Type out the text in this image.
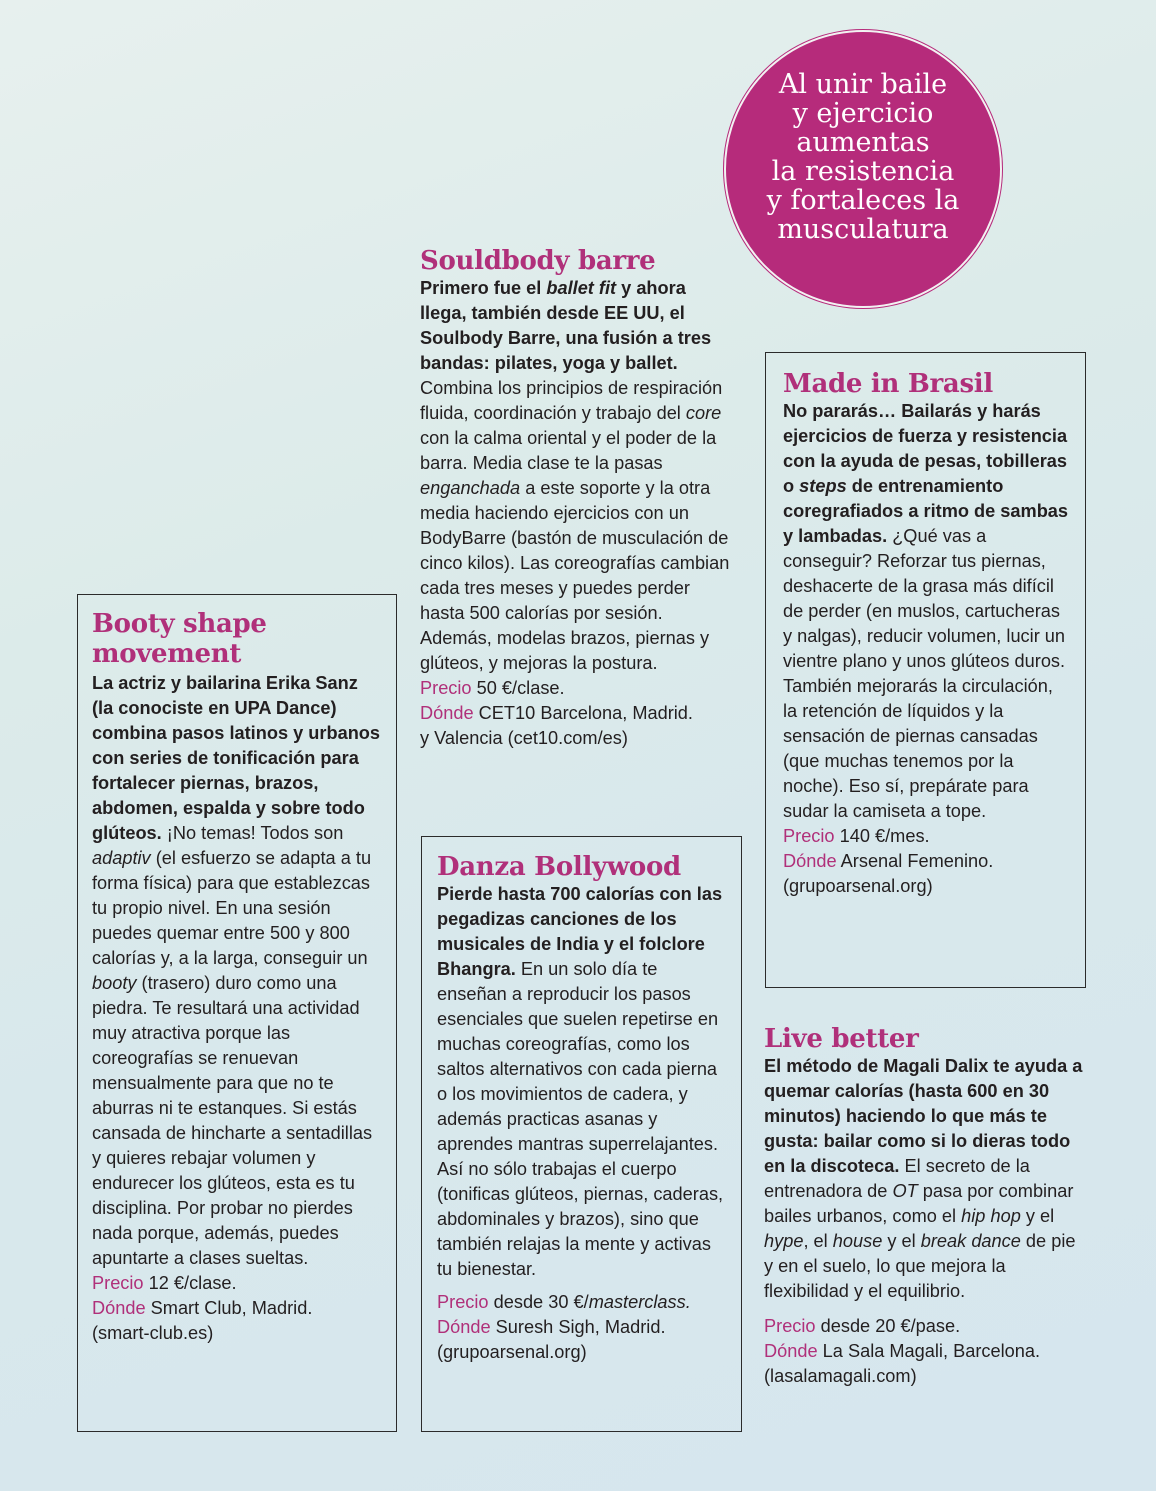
Al unir baile
y ejercicio
aumentas
la resistencia
y fortaleces la
musculatura
Souldbody barre
Primero fue el ballet fit y ahora llega, también desde EE UU, el Soulbody Barre, una fusión a tres bandas: pilates, yoga y ballet. Combina los principios de respiración fluida, coordinación y trabajo del core con la calma oriental y el poder de la barra. Media clase te la pasas enganchada a este soporte y la otra media haciendo ejercicios con un BodyBarre (bastón de musculación de cinco kilos). Las coreografías cambian cada tres meses y puedes perder hasta 500 calorías por sesión. Además, modelas brazos, piernas y glúteos, y mejoras la postura.
Precio 50 €/clase.
Dónde CET10 Barcelona, Madrid.
y Valencia (cet10.com/es)
Booty shape movement
La actriz y bailarina Erika Sanz (la conociste en UPA Dance) combina pasos latinos y urbanos con series de tonificación para fortalecer piernas, brazos, abdomen, espalda y sobre todo glúteos. ¡No temas! Todos son adaptiv (el esfuerzo se adapta a tu forma física) para que establezcas tu propio nivel. En una sesión puedes quemar entre 500 y 800 calorías y, a la larga, conseguir un booty (trasero) duro como una piedra. Te resultará una actividad muy atractiva porque las coreografías se renuevan mensualmente para que no te aburras ni te estanques. Si estás cansada de hincharte a sentadillas y quieres rebajar volumen y endurecer los glúteos, esta es tu disciplina. Por probar no pierdes nada porque, además, puedes apuntarte a clases sueltas.
Precio 12 €/clase.
Dónde Smart Club, Madrid.
(smart-club.es)
Danza Bollywood
Pierde hasta 700 calorías con las pegadizas canciones de los musicales de India y el folclore Bhangra. En un solo día te enseñan a reproducir los pasos esenciales que suelen repetirse en muchas coreografías, como los saltos alternativos con cada pierna o los movimientos de cadera, y además practicas asanas y aprendes mantras superrelajantes. Así no sólo trabajas el cuerpo (tonificas glúteos, piernas, caderas, abdominales y brazos), sino que también relajas la mente y activas tu bienestar.
Precio desde 30 €/masterclass.
Dónde Suresh Sigh, Madrid.
(grupoarsenal.org)
Made in Brasil
No pararás… Bailarás y harás ejercicios de fuerza y resistencia con la ayuda de pesas, tobilleras o steps de entrenamiento coregrafiados a ritmo de sambas y lambadas. ¿Qué vas a conseguir? Reforzar tus piernas, deshacerte de la grasa más difícil de perder (en muslos, cartucheras y nalgas), reducir volumen, lucir un vientre plano y unos glúteos duros. También mejorarás la circulación, la retención de líquidos y la sensación de piernas cansadas (que muchas tenemos por la noche). Eso sí, prepárate para sudar la camiseta a tope.
Precio 140 €/mes.
Dónde Arsenal Femenino.
(grupoarsenal.org)
Live better
El método de Magali Dalix te ayuda a quemar calorías (hasta 600 en 30 minutos) haciendo lo que más te gusta: bailar como si lo dieras todo en la discoteca. El secreto de la entrenadora de OT pasa por combinar bailes urbanos, como el hip hop y el hype, el house y el break dance de pie y en el suelo, lo que mejora la flexibilidad y el equilibrio.
Precio desde 20 €/pase.
Dónde La Sala Magali, Barcelona.
(lasalamagali.com)
